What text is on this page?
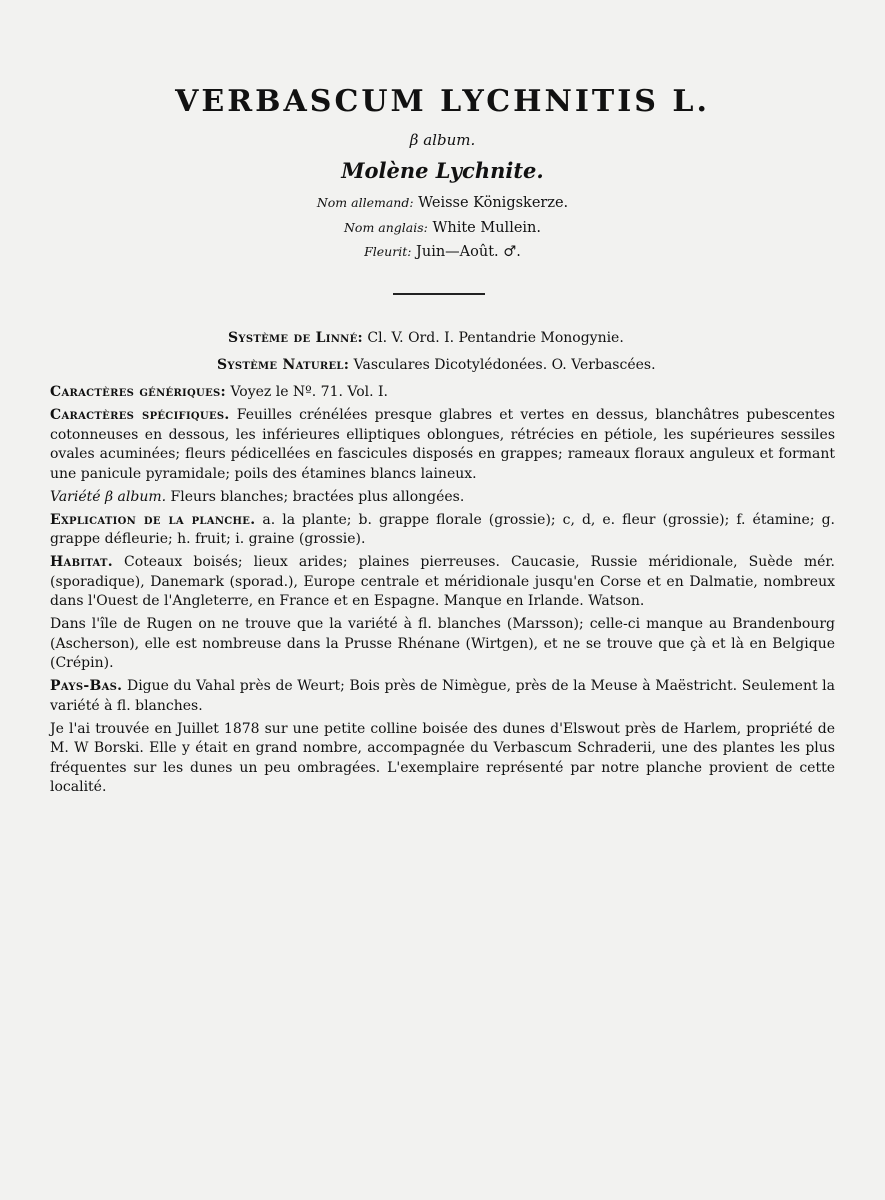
VERBASCUM LYCHNITIS L.
β album.
Molène Lychnite.
Nom allemand: Weisse Königskerze.
Nom anglais: White Mullein.
Fleurit: Juin—Août. ♂.
Système de Linné: Cl. V. Ord. I. Pentandrie Monogynie.
Système Naturel: Vasculares Dicotylédonées. O. Verbascées.

Caractères génériques: Voyez le Nº. 71. Vol. I.

Caractères spécifiques. Feuilles crénélées presque glabres et vertes en dessus, blanchâtres pubescentes cotonneuses en dessous, les inférieures elliptiques oblongues, rétrécies en pétiole, les supérieures sessiles ovales acuminées; fleurs pédicellées en fascicules disposés en grappes; rameaux floraux anguleux et formant une panicule pyramidale; poils des étamines blancs laineux.

Variété β album. Fleurs blanches; bractées plus allongées.

Explication de la planche. a. la plante; b. grappe florale (grossie); c, d, e. fleur (grossie); f. étamine; g. grappe défleurie; h. fruit; i. graine (grossie).

Habitat. Coteaux boisés; lieux arides; plaines pierreuses. Caucasie, Russie méridionale, Suède mér. (sporadique), Danemark (sporad.), Europe centrale et méridionale jusqu'en Corse et en Dalmatie, nombreux dans l'Ouest de l'Angleterre, en France et en Espagne. Manque en Irlande. Watson.

Dans l'île de Rugen on ne trouve que la variété à fl. blanches (Marsson); celle-ci manque au Brandenbourg (Ascherson), elle est nombreuse dans la Prusse Rhénane (Wirtgen), et ne se trouve que çà et là en Belgique (Crépin).

Pays-Bas. Digue du Vahal près de Weurt; Bois près de Nimègue, près de la Meuse à Maëstricht. Seulement la variété à fl. blanches.

Je l'ai trouvée en Juillet 1878 sur une petite colline boisée des dunes d'Elswout près de Harlem, propriété de M. W Borski. Elle y était en grand nombre, accompagnée du Verbascum Schraderii, une des plantes les plus fréquentes sur les dunes un peu ombragées. L'exemplaire représenté par notre planche provient de cette localité.
